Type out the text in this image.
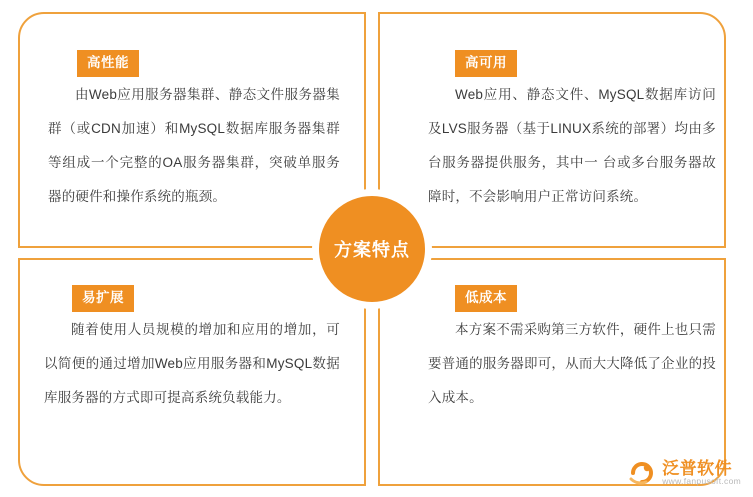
高性能
由Web应用服务器集群、静态文件服务器集群（或CDN加速）和MySQL数据库服务器集群等组成一个完整的OA服务器集群，突破单服务器的硬件和操作系统的瓶颈。
高可用
Web应用、静态文件、MySQL数据库访问及LVS服务器（基于LINUX系统的部署）均由多台服务器提供服务，其中一 台或多台服务器故障时，不会影响用户正常访问系统。
易扩展
随着使用人员规模的增加和应用的增加，可以简便的通过增加Web应用服务器和MySQL数据库服务器的方式即可提高系统负载能力。
低成本
本方案不需采购第三方软件，硬件上也只需要普通的服务器即可，从而大大降低了企业的投入成本。
方案特点
泛普软件
www.fanpusoft.com
